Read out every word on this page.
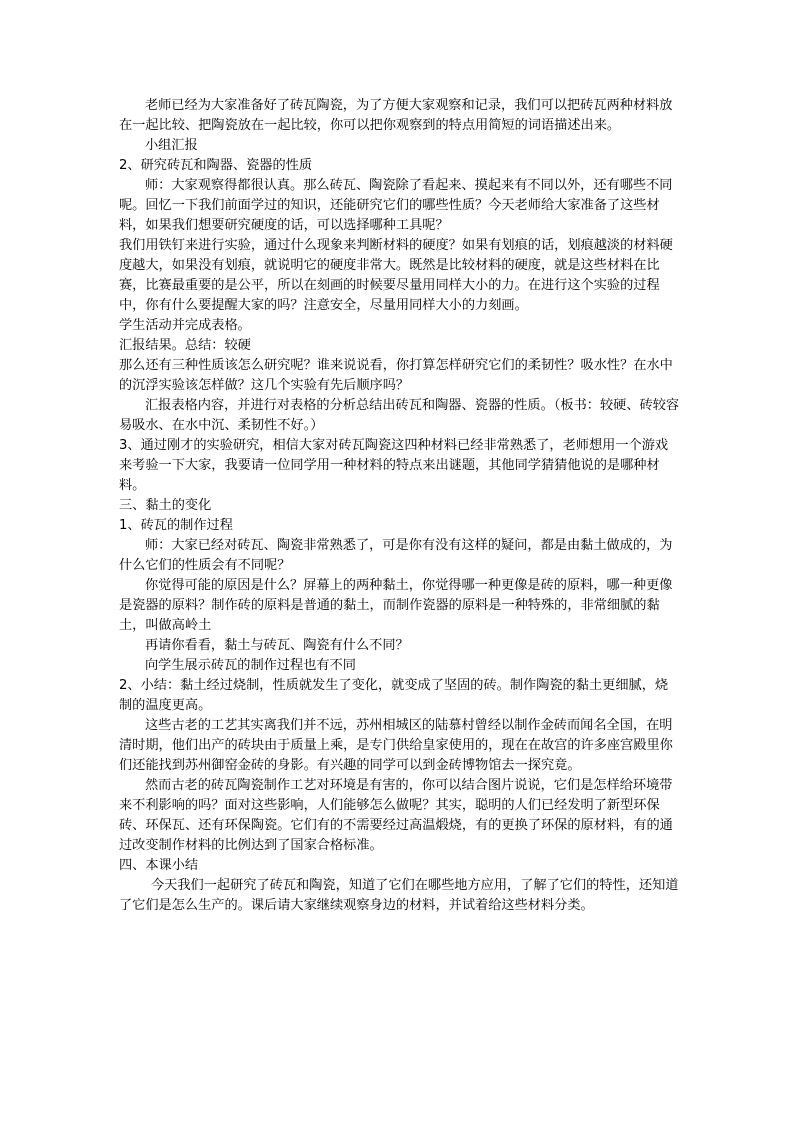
老师已经为大家准备好了砖瓦陶瓷，为了方便大家观察和记录，我们可以把砖瓦两种材料放在一起比较、把陶瓷放在一起比较，你可以把你观察到的特点用简短的词语描述出来。

小组汇报

2、研究砖瓦和陶器、瓷器的性质

师：大家观察得都很认真。那么砖瓦、陶瓷除了看起来、摸起来有不同以外，还有哪些不同呢。回忆一下我们前面学过的知识，还能研究它们的哪些性质？今天老师给大家准备了这些材料，如果我们想要研究硬度的话，可以选择哪种工具呢？

我们用铁钉来进行实验，通过什么现象来判断材料的硬度？如果有划痕的话，划痕越淡的材料硬度越大，如果没有划痕，就说明它的硬度非常大。既然是比较材料的硬度，就是这些材料在比赛，比赛最重要的是公平，所以在刻画的时候要尽量用同样大小的力。在进行这个实验的过程中，你有什么要提醒大家的吗？注意安全，尽量用同样大小的力刻画。

学生活动并完成表格。

汇报结果。总结：较硬

那么还有三种性质该怎么研究呢？谁来说说看，你打算怎样研究它们的柔韧性？吸水性？在水中的沉浮实验该怎样做？这几个实验有先后顺序吗？

汇报表格内容，并进行对表格的分析总结出砖瓦和陶器、瓷器的性质。（板书：较硬、砖较容易吸水、在水中沉、柔韧性不好。）

3、通过刚才的实验研究，相信大家对砖瓦陶瓷这四种材料已经非常熟悉了，老师想用一个游戏来考验一下大家，我要请一位同学用一种材料的特点来出谜题，其他同学猜猜他说的是哪种材料。

三、黏土的变化

1、砖瓦的制作过程

师：大家已经对砖瓦、陶瓷非常熟悉了，可是你有没有这样的疑问，都是由黏土做成的，为什么它们的性质会有不同呢？

你觉得可能的原因是什么？屏幕上的两种黏土，你觉得哪一种更像是砖的原料，哪一种更像是瓷器的原料？制作砖的原料是普通的黏土，而制作瓷器的原料是一种特殊的，非常细腻的黏土，叫做高岭土

再请你看看，黏土与砖瓦、陶瓷有什么不同？

向学生展示砖瓦的制作过程也有不同

2、小结：黏土经过烧制，性质就发生了变化，就变成了坚固的砖。制作陶瓷的黏土更细腻，烧制的温度更高。

这些古老的工艺其实离我们并不远，苏州相城区的陆慕村曾经以制作金砖而闻名全国，在明清时期，他们出产的砖块由于质量上乘，是专门供给皇家使用的，现在在故宫的许多座宫殿里你们还能找到苏州御窑金砖的身影。有兴趣的同学可以到金砖博物馆去一探究竟。

然而古老的砖瓦陶瓷制作工艺对环境是有害的，你可以结合图片说说，它们是怎样给环境带来不利影响的吗？面对这些影响，人们能够怎么做呢？其实，聪明的人们已经发明了新型环保砖、环保瓦、还有环保陶瓷。它们有的不需要经过高温煅烧，有的更换了环保的原材料，有的通过改变制作材料的比例达到了国家合格标准。

四、本课小结

今天我们一起研究了砖瓦和陶瓷，知道了它们在哪些地方应用，了解了它们的特性，还知道了它们是怎么生产的。课后请大家继续观察身边的材料，并试着给这些材料分类。
